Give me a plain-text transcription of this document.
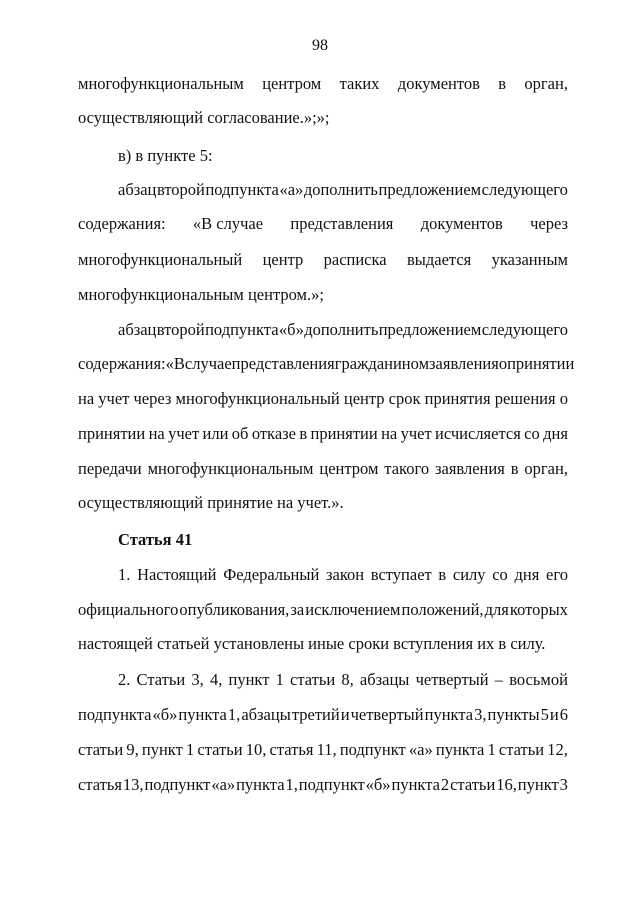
98
многофункциональным центром таких документов в орган,
осуществляющий согласование.»;»;
в) в пункте 5:
абзац второй подпункта «а» дополнить предложением следующего
содержания: «В случае представления документов через
многофункциональный центр расписка выдается указанным
многофункциональным центром.»;
абзац второй подпункта «б» дополнить предложением следующего
содержания: «В случае представления гражданином заявления о принятии
на учет через многофункциональный центр срок принятия решения о
принятии на учет или об отказе в принятии на учет исчисляется со дня
передачи многофункциональным центром такого заявления в орган,
осуществляющий принятие на учет.».
Статья 41
1. Настоящий Федеральный закон вступает в силу со дня его
официального опубликования, за исключением положений, для которых
настоящей статьей установлены иные сроки вступления их в силу.
2. Статьи 3, 4, пункт 1 статьи 8, абзацы четвертый – восьмой
подпункта «б» пункта 1, абзацы третий и четвертый пункта 3, пункты 5 и 6
статьи 9, пункт 1 статьи 10, статья 11, подпункт «а» пункта 1 статьи 12,
статья 13, подпункт «а» пункта 1, подпункт «б» пункта 2 статьи 16, пункт 3
